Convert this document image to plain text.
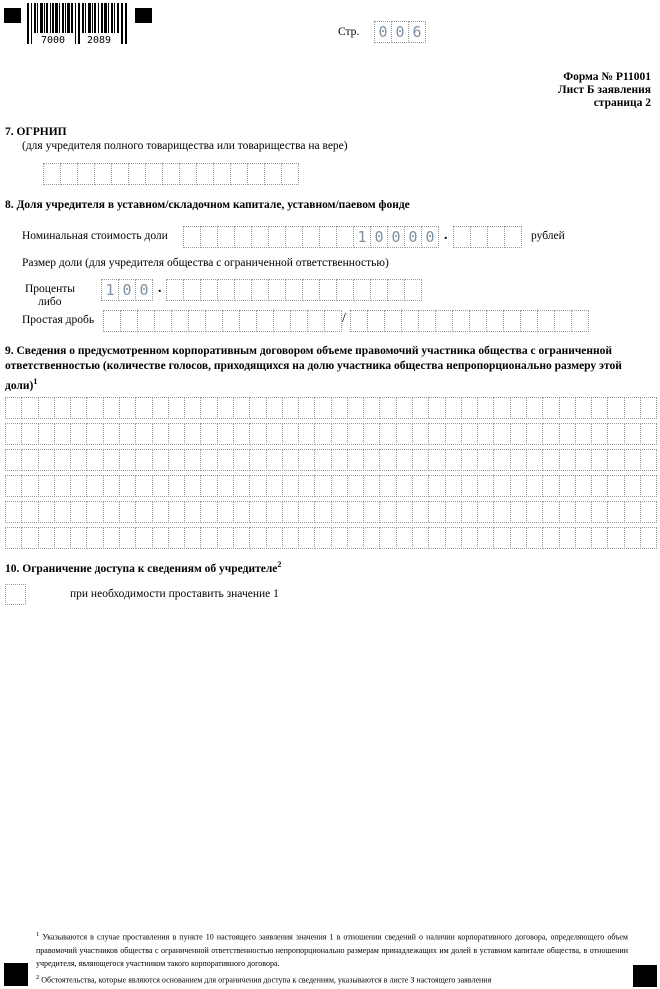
7000 2089
Стр. 0 0 6
Форма № Р11001
Лист Б заявления
страница 2
7. ОГРНИП
(для учредителя полного товарищества или товарищества на вере)
8. Доля учредителя в уставном/складочном капитале, уставном/паевом фонде
Номинальная стоимость доли	1 0 0 0 0 .	рублей
Размер доли (для учредителя общества с ограниченной ответственностью)
Проценты
либо
1 0 0 .
Простая дробь	/
9. Сведения о предусмотренном корпоративным договором объеме правомочий участника общества с ограниченной ответственностью (количестве голосов, приходящихся на долю участника общества непропорционально размеру этой доли)$^1$
10. Ограничение доступа к сведениям об учредителе$^2$
при необходимости проставить значение 1

$^1$ Указываются в случае проставления в пункте 10 настоящего заявления значения 1 в отношении сведений о наличии корпоративного договора, определяющего объем правомочий участников общества с ограниченной ответственностью непропорционально размерам принадлежащих им долей в уставном капитале общества, в отношении учредителя, являющегося участником такого корпоративного договора.

$^2$ Обстоятельства, которые являются основанием для ограничения доступа к сведениям, указываются в листе З настоящего заявления
